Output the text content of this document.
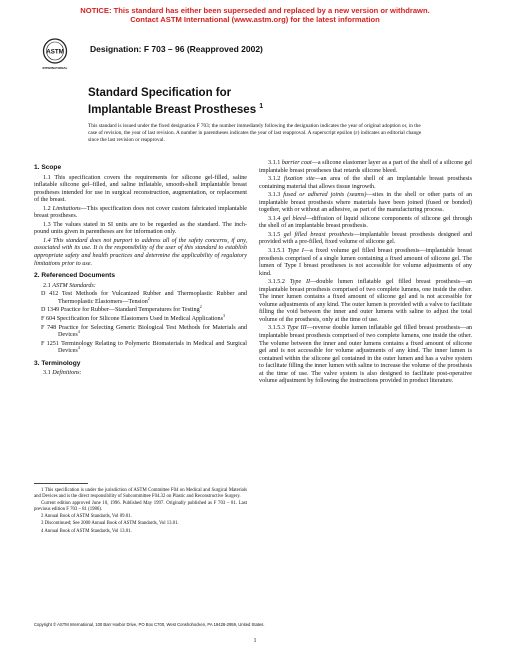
NOTICE: This standard has either been superseded and replaced by a new version or withdrawn.
Contact ASTM International (www.astm.org) for the latest information
ASTM
INTERNATIONAL
Designation: F 703 – 96 (Reapproved 2002)
Standard Specification for
Implantable Breast Prostheses $^1$
This standard is issued under the fixed designation F 703; the number immediately following the designation indicates the year of original adoption or, in the case of revision, the year of last revision. A number in parentheses indicates the year of last reapproval. A superscript epsilon (ε) indicates an editorial change since the last revision or reapproval.

1. Scope

1.1 This specification covers the requirements for silicone gel-filled, saline inflatable silicone gel–filled, and saline inflatable, smooth-shell implantable breast prostheses intended for use in surgical reconstruction, augmentation, or replacement of the breast.

1.2 Limitations—This specification does not cover custom fabricated implantable breast prostheses.

1.3 The values stated in SI units are to be regarded as the standard. The inch-pound units given in parentheses are for information only.

1.4 This standard does not purport to address all of the safety concerns, if any, associated with its use. It is the responsibility of the user of this standard to establish appropriate safety and health practices and determine the applicability of regulatory limitations prior to use.

2. Referenced Documents

2.1 ASTM Standards:

D 412 Test Methods for Vulcanized Rubber and Thermoplastic Rubber and Thermoplastic Elastomers—Tension$^2$

D 1349 Practice for Rubber—Standard Temperatures for Testing$^2$

F 604 Specification for Silicone Elastomers Used in Medical Applications$^3$

F 748 Practice for Selecting Generic Biological Test Methods for Materials and Devices$^4$

F 1251 Terminology Relating to Polymeric Biomaterials in Medical and Surgical Devices$^4$

3. Terminology

3.1 Definitions:

1 This specification is under the jurisdiction of ASTM Committee F04 on Medical and Surgical Materials and Devices and is the direct responsibility of Subcommittee F04.32 on Plastic and Reconstructive Surgery.

Current edition approved June 10, 1996. Published May 1997. Originally published as F 703 – 81. Last previous edition F 703 – 81 (1986).

2 Annual Book of ASTM Standards, Vol 09.01.

3 Discontinued; See 2000 Annual Book of ASTM Standards, Vol 13.01.

4 Annual Book of ASTM Standards, Vol 13.01.

3.1.1 barrier coat—a silicone elastomer layer as a part of the shell of a silicone gel implantable breast prostheses that retards silicone bleed.

3.1.2 fixation site—an area of the shell of an implantable breast prosthesis containing material that allows tissue ingrowth.

3.1.3 fused or adhered joints (seams)—sites in the shell or other parts of an implantable breast prosthesis where materials have been joined (fused or bonded) together, with or without an adhesive, as part of the manufacturing process.

3.1.4 gel bleed—diffusion of liquid silicone components of silicone gel through the shell of an implantable breast prosthesis.

3.1.5 gel filled breast prosthesis—implantable breast prosthesis designed and provided with a pre-filled, fixed volume of silicone gel.

3.1.5.1 Type I—a fixed volume gel filled breast prosthesis—implantable breast prosthesis comprised of a single lumen containing a fixed amount of silicone gel. The lumen of Type I breast prostheses is not accessible for volume adjustments of any kind.

3.1.5.2 Type II—double lumen inflatable gel filled breast prosthesis—an implantable breast prosthesis comprised of two complete lumens, one inside the other. The inner lumen contains a fixed amount of silicone gel and is not accessible for volume adjustments of any kind. The outer lumen is provided with a valve to facilitate filling the void between the inner and outer lumens with saline to adjust the total volume of the prosthesis, only at the time of use.

3.1.5.3 Type III—reverse double lumen inflatable gel filled breast prosthesis—an implantable breast prosthesis comprised of two complete lumens, one inside the other. The volume between the inner and outer lumens contains a fixed amount of silicone gel and is not accessible for volume adjustments of any kind. The inner lumen is contained within the silicone gel contained in the outer lumen and has a valve system to facilitate filling the inner lumen with saline to increase the volume of the prosthesis at the time of use. The valve system is also designed to facilitate post-operative volume adjustment by following the instructions provided in product literature.

Copyright © ASTM International, 100 Barr Harbor Drive, PO Box C700, West Conshohocken, PA 19428-2959, United States.
1
